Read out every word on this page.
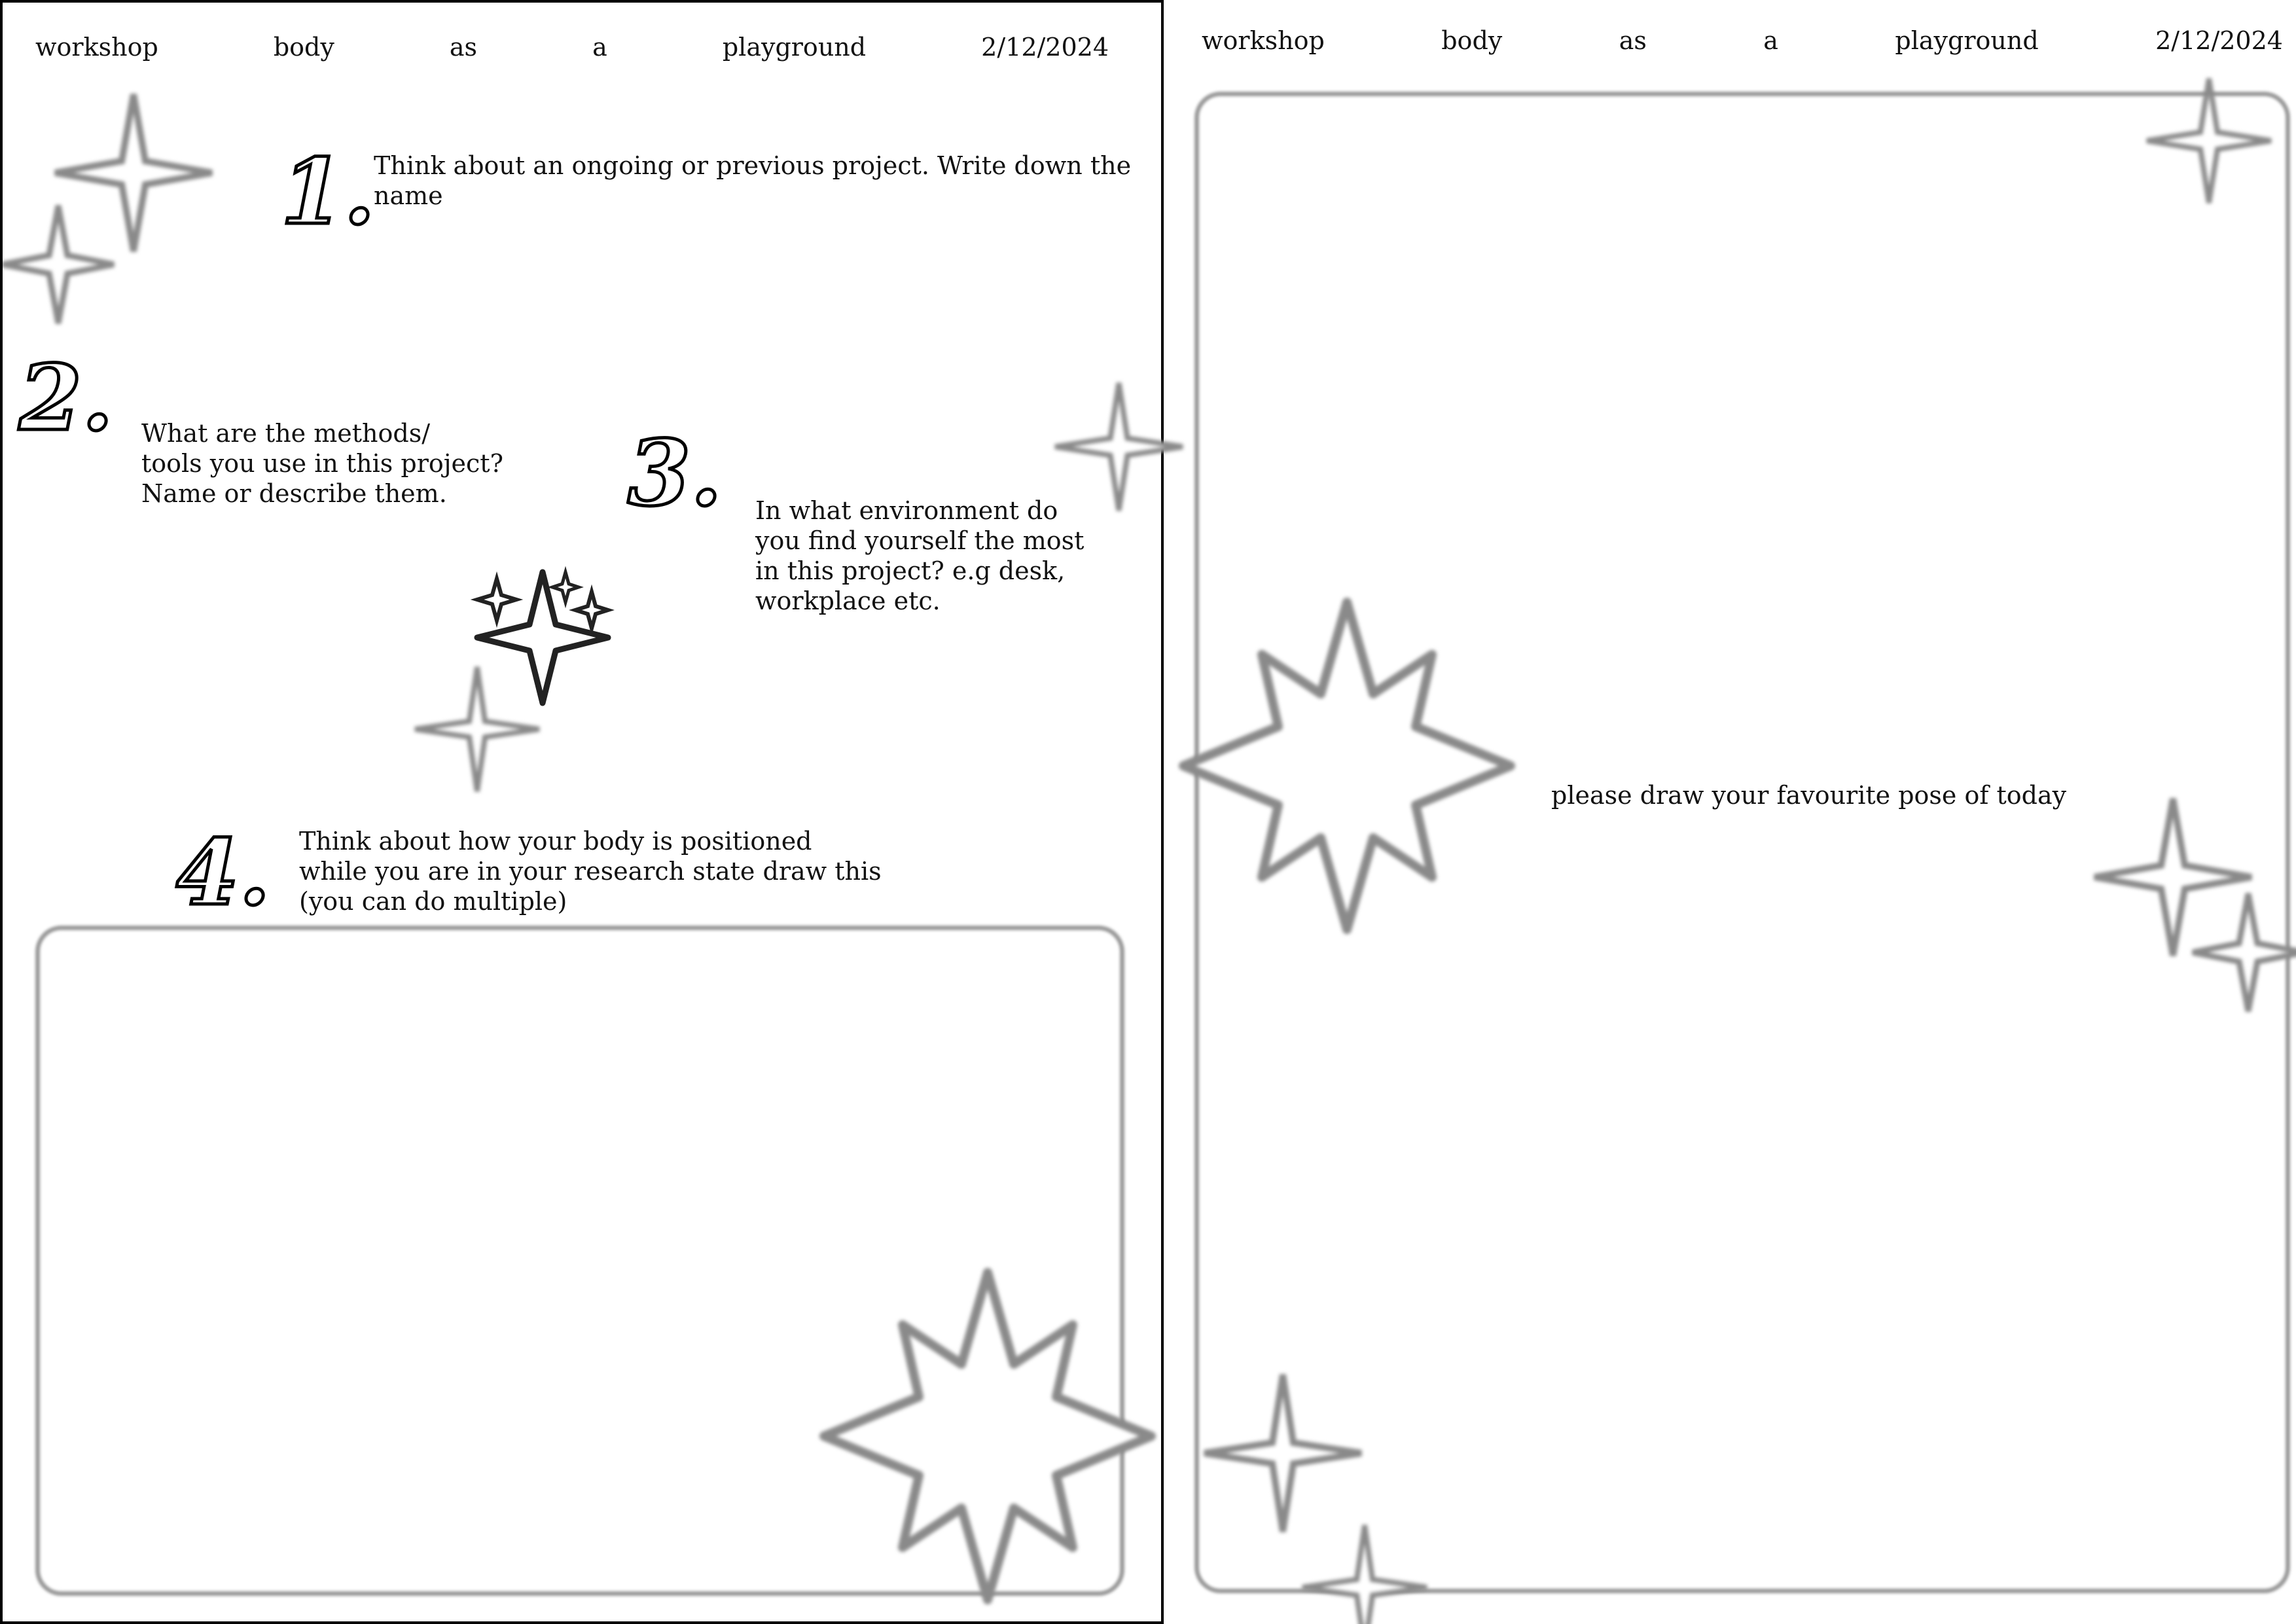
workshop	body	as	a	playground	2/12/2024
1.
Think about an ongoing or previous project. Write down the name
2. What are the methods/
tools you use in this project?
Name or describe them.	3. In what environment do
you find yourself the most
in this project? e.g desk,
workplace etc.
4. Think about how your body is positioned
while you are in your research state draw this
(you can do multiple)
workshop	body	as	a	playground	2/12/2024
please draw your favourite pose of today
